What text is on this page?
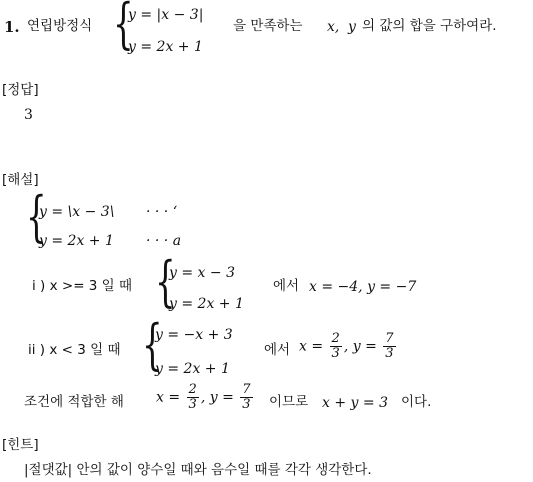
1. 연립방정식 {
y = |x − 3|
y = 2x + 1
을 만족하는 x, y 의 값의 합을 구하여라.
[정답]
3
[해설]
{
y = \x − 3\
y = 2x + 1
· · · ‘
· · · a
i ) x >= 3 일 때 {
y = x − 3
y = 2x + 1
에서 x = −4, y = −7
ii ) x < 3 일 때 {
y = −x + 3
y = 2x + 1
에서 $x = \frac{2}{3}$ , $y = \frac{7}{3}$
조건에 적합한 해 $x = \frac{2}{3}$ , $y = \frac{7}{3}$ 이므로 x + y = 3 이다.
[힌트]
|절댓값| 안의 값이 양수일 때와 음수일 때를 각각 생각한다.
